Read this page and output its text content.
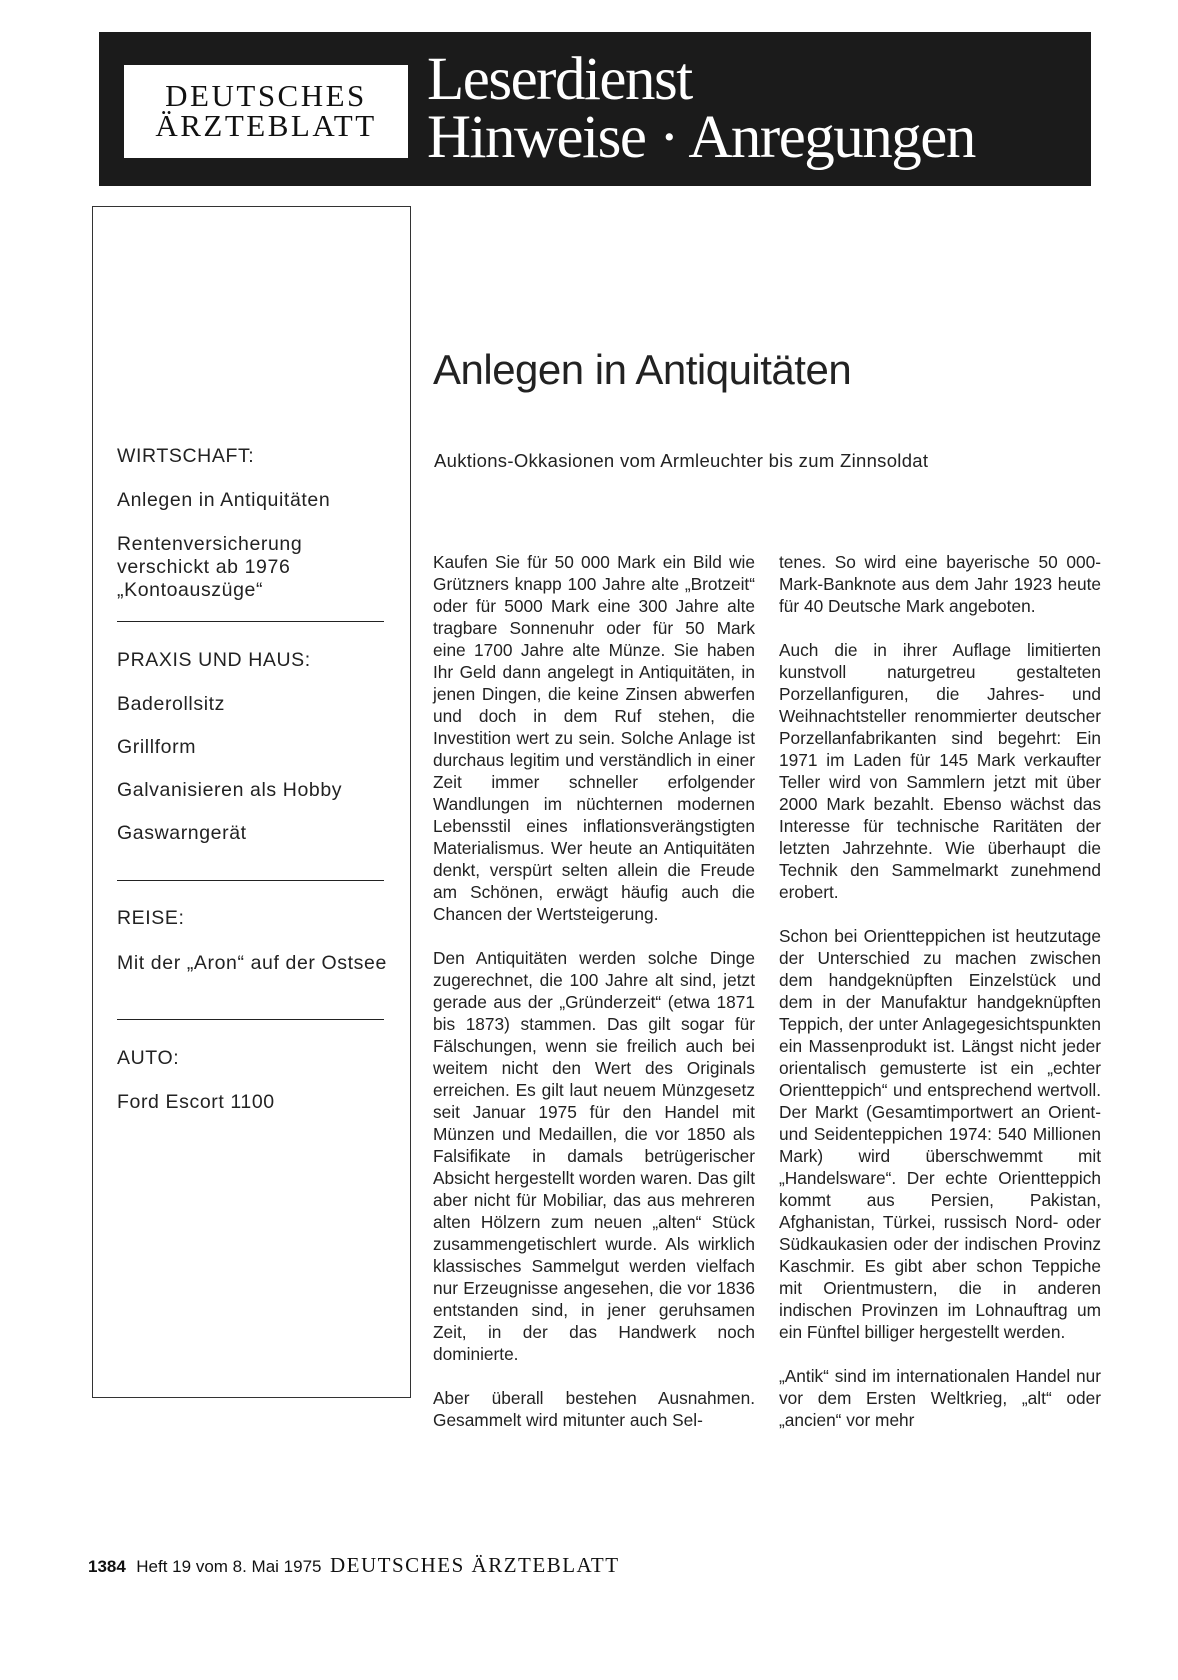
DEUTSCHES
ÄRZTEBLATT
Leserdienst
Hinweise · Anregungen
WIRTSCHAFT:
Anlegen in Antiquitäten
Rentenversicherung verschickt ab 1976 „Kontoauszüge“
PRAXIS UND HAUS:
Baderollsitz
Grillform
Galvanisieren als Hobby
Gaswarngerät
REISE:
Mit der „Aron“ auf der Ostsee
AUTO:
Ford Escort 1100
Anlegen in Antiquitäten
Auktions-Okkasionen vom Armleuchter bis zum Zinnsoldat

Kaufen Sie für 50 000 Mark ein Bild wie Grützners knapp 100 Jahre alte „Brotzeit“ oder für 5000 Mark eine 300 Jahre alte tragbare Sonnenuhr oder für 50 Mark eine 1700 Jahre alte Münze. Sie haben Ihr Geld dann angelegt in Antiquitäten, in jenen Dingen, die keine Zinsen abwerfen und doch in dem Ruf stehen, die Investition wert zu sein. Solche Anlage ist durchaus legitim und verständlich in einer Zeit immer schneller erfolgender Wandlungen im nüchternen modernen Lebensstil eines inflationsverängstigten Materialismus. Wer heute an Antiquitäten denkt, verspürt selten allein die Freude am Schönen, erwägt häufig auch die Chancen der Wertsteigerung.

Den Antiquitäten werden solche Dinge zugerechnet, die 100 Jahre alt sind, jetzt gerade aus der „Gründerzeit“ (etwa 1871 bis 1873) stammen. Das gilt sogar für Fälschungen, wenn sie freilich auch bei weitem nicht den Wert des Originals erreichen. Es gilt laut neuem Münzgesetz seit Januar 1975 für den Handel mit Münzen und Medaillen, die vor 1850 als Falsifikate in damals betrügerischer Absicht hergestellt worden waren. Das gilt aber nicht für Mobiliar, das aus mehreren alten Hölzern zum neuen „alten“ Stück zusammengetischlert wurde. Als wirklich klassisches Sammelgut werden vielfach nur Erzeugnisse angesehen, die vor 1836 entstanden sind, in jener geruhsamen Zeit, in der das Handwerk noch dominierte.

Aber überall bestehen Ausnahmen. Gesammelt wird mitunter auch Sel-

tenes. So wird eine bayerische 50 000-Mark-Banknote aus dem Jahr 1923 heute für 40 Deutsche Mark angeboten.

Auch die in ihrer Auflage limitierten kunstvoll naturgetreu gestalteten Porzellanfiguren, die Jahres- und Weihnachtsteller renommierter deutscher Porzellanfabrikanten sind begehrt: Ein 1971 im Laden für 145 Mark verkaufter Teller wird von Sammlern jetzt mit über 2000 Mark bezahlt. Ebenso wächst das Interesse für technische Raritäten der letzten Jahrzehnte. Wie überhaupt die Technik den Sammelmarkt zunehmend erobert.

Schon bei Orientteppichen ist heutzutage der Unterschied zu machen zwischen dem handgeknüpften Einzelstück und dem in der Manufaktur handgeknüpften Teppich, der unter Anlagegesichtspunkten ein Massenprodukt ist. Längst nicht jeder orientalisch gemusterte ist ein „echter Orientteppich“ und entsprechend wertvoll. Der Markt (Gesamtimportwert an Orient- und Seidenteppichen 1974: 540 Millionen Mark) wird überschwemmt mit „Handelsware“. Der echte Orientteppich kommt aus Persien, Pakistan, Afghanistan, Türkei, russisch Nord- oder Südkaukasien oder der indischen Provinz Kaschmir. Es gibt aber schon Teppiche mit Orientmustern, die in anderen indischen Provinzen im Lohnauftrag um ein Fünftel billiger hergestellt werden.

„Antik“ sind im internationalen Handel nur vor dem Ersten Weltkrieg, „alt“ oder „ancien“ vor mehr

1384 Heft 19 vom 8. Mai 1975 DEUTSCHES ÄRZTEBLATT
